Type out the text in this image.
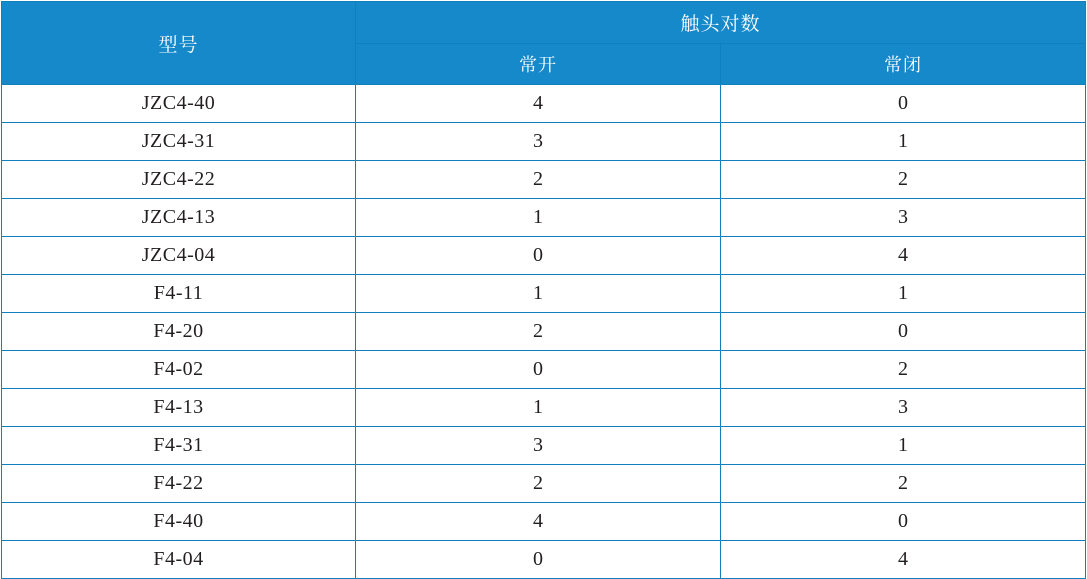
型号	触头对数	
	常开	常闭
JZC4-40	4	0
JZC4-31	3	1
JZC4-22	2	2
JZC4-13	1	3
JZC4-04	0	4
F4-11	1	1
F4-20	2	0
F4-02	0	2
F4-13	1	3
F4-31	3	1
F4-22	2	2
F4-40	4	0
F4-04	0	4
